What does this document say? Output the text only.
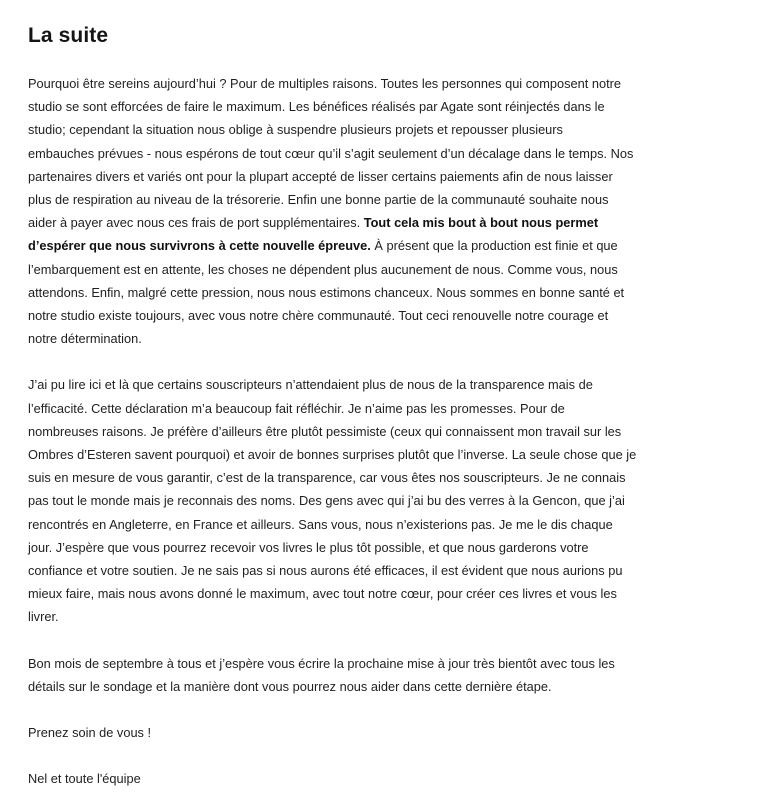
La suite
Pourquoi être sereins aujourd’hui ? Pour de multiples raisons. Toutes les personnes qui composent notre
studio se sont efforcées de faire le maximum. Les bénéfices réalisés par Agate sont réinjectés dans le
studio; cependant la situation nous oblige à suspendre plusieurs projets et repousser plusieurs
embauches prévues - nous espérons de tout cœur qu’il s’agit seulement d’un décalage dans le temps. Nos
partenaires divers et variés ont pour la plupart accepté de lisser certains paiements afin de nous laisser
plus de respiration au niveau de la trésorerie. Enfin une bonne partie de la communauté souhaite nous
aider à payer avec nous ces frais de port supplémentaires. Tout cela mis bout à bout nous permet
d’espérer que nous survivrons à cette nouvelle épreuve. À présent que la production est finie et que
l’embarquement est en attente, les choses ne dépendent plus aucunement de nous. Comme vous, nous
attendons. Enfin, malgré cette pression, nous nous estimons chanceux. Nous sommes en bonne santé et
notre studio existe toujours, avec vous notre chère communauté. Tout ceci renouvelle notre courage et
notre détermination.
J’ai pu lire ici et là que certains souscripteurs n’attendaient plus de nous de la transparence mais de
l’efficacité. Cette déclaration m’a beaucoup fait réfléchir. Je n’aime pas les promesses. Pour de
nombreuses raisons. Je préfère d’ailleurs être plutôt pessimiste (ceux qui connaissent mon travail sur les
Ombres d’Esteren savent pourquoi) et avoir de bonnes surprises plutôt que l’inverse. La seule chose que je
suis en mesure de vous garantir, c’est de la transparence, car vous êtes nos souscripteurs. Je ne connais
pas tout le monde mais je reconnais des noms. Des gens avec qui j’ai bu des verres à la Gencon, que j’ai
rencontrés en Angleterre, en France et ailleurs. Sans vous, nous n’existerions pas. Je me le dis chaque
jour. J’espère que vous pourrez recevoir vos livres le plus tôt possible, et que nous garderons votre
confiance et votre soutien. Je ne sais pas si nous aurons été efficaces, il est évident que nous aurions pu
mieux faire, mais nous avons donné le maximum, avec tout notre cœur, pour créer ces livres et vous les
livrer.
Bon mois de septembre à tous et j’espère vous écrire la prochaine mise à jour très bientôt avec tous les
détails sur le sondage et la manière dont vous pourrez nous aider dans cette dernière étape.
Prenez soin de vous !
Nel et toute l'équipe
